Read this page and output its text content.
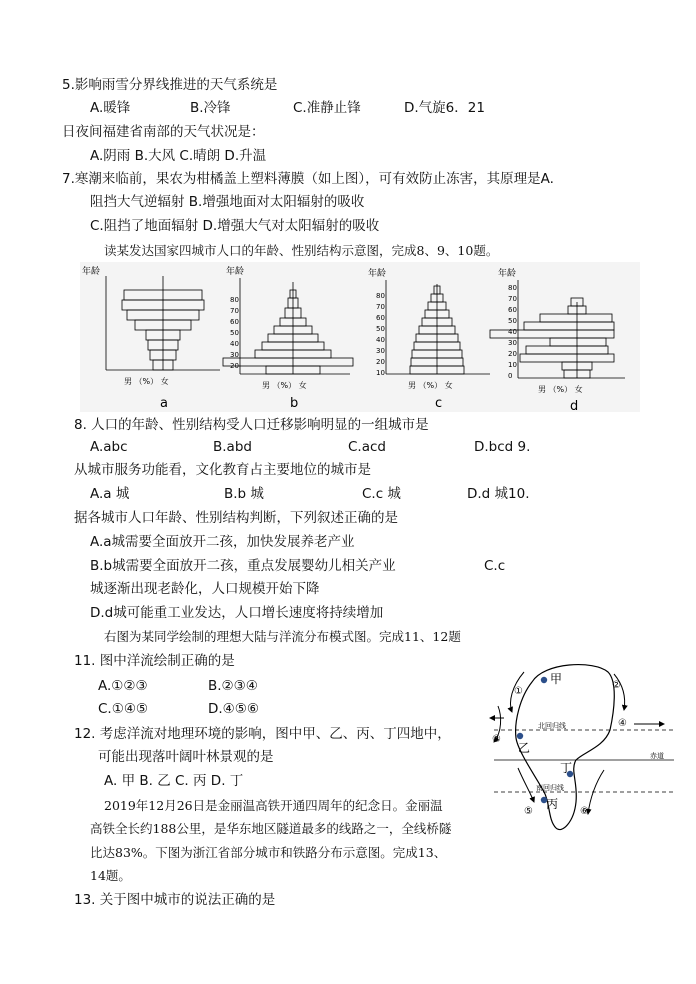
5.影响雨雪分界线推进的天气系统是
A.暖锋	B.冷锋	C.准静止锋	D.气旋6．21
日夜间福建省南部的天气状况是：
A.阴雨 B.大风 C.晴朗 D.升温
7.寒潮来临前，果农为柑橘盖上塑料薄膜（如上图），可有效防止冻害，其原理是A.
阻挡大气逆辐射 B.增强地面对太阳辐射的吸收
C.阻挡了地面辐射 D.增强大气对太阳辐射的吸收
读某发达国家四城市人口的年龄、性别结构示意图，完成8、9、10题。
年龄
男 （%） 女
a
年龄
80
70
60
50
40
30
20
男 （%） 女
b
年龄
80
70
60
50
40
30
20
10
男 （%） 女
c
年龄
80
70
60
50
40
30
20
10
0
男 （%） 女
d
8. 人口的年龄、性别结构受人口迁移影响明显的一组城市是
A.abc	B.abd	C.acd	D.bcd 9.
从城市服务功能看，文化教育占主要地位的城市是
A.a 城	B.b 城	C.c 城	D.d 城10.
据各城市人口年龄、性别结构判断，下列叙述正确的是
A.a城需要全面放开二孩，加快发展养老产业
B.b城需要全面放开二孩，重点发展婴幼儿相关产业	C.c
城逐渐出现老龄化，人口规模开始下降
D.d城可能重工业发达，人口增长速度将持续增加
右图为某同学绘制的理想大陆与洋流分布模式图。完成11、12题
11. 图中洋流绘制正确的是
A.①②③	B.②③④
C.①④⑤	D.④⑤⑥
12. 考虑洋流对地理环境的影响，图中甲、乙、丙、丁四地中，
可能出现落叶阔叶林景观的是
A. 甲 B. 乙 C. 丙 D. 丁
2019年12月26日是金丽温高铁开通四周年的纪念日。金丽温
高铁全长约188公里，是华东地区隧道最多的线路之一，全线桥隧
比达83%。下图为浙江省部分城市和铁路分布示意图。完成13、
14题。
13. 关于图中城市的说法正确的是
北回归线
赤道
南回归线
甲
乙
丙
丁
①
②
③
④
⑤	⑥
